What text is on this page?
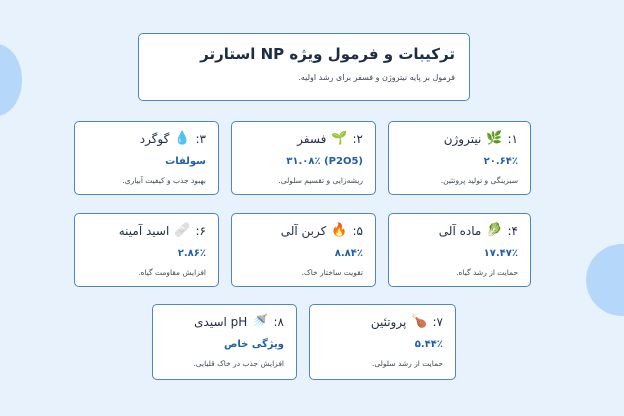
ترکیبات و فرمول ویژه NP استارتر
فرمول بر پایه نیتروژن و فسفر برای رشد اولیه.
۱:
🌿
نیتروژن
۲۰.۶۴٪
سبزینگی و تولید پروتئین.
۲:
🌱
فسفر
(P2O5) ۳۱.۰۸٪
ریشه‌زایی و تقسیم سلولی.
۳:
💧
گوگرد
سولفات
بهبود جذب و کیفیت آبیاری.
۴:
🥬
ماده آلی
۱۷.۴۷٪
حمایت از رشد گیاه.
۵:
🔥
کربن آلی
۸.۸۴٪
تقویت ساختار خاک.
۶:
🩹
اسید آمینه
۲.۸۶٪
افزایش مقاومت گیاه.
۷:
🍗
پروتئین
۵.۴۴٪
حمایت از رشد سلولی.
۸:
🚿
pH اسیدی
ویژگی خاص
افزایش جذب در خاک قلیایی.
